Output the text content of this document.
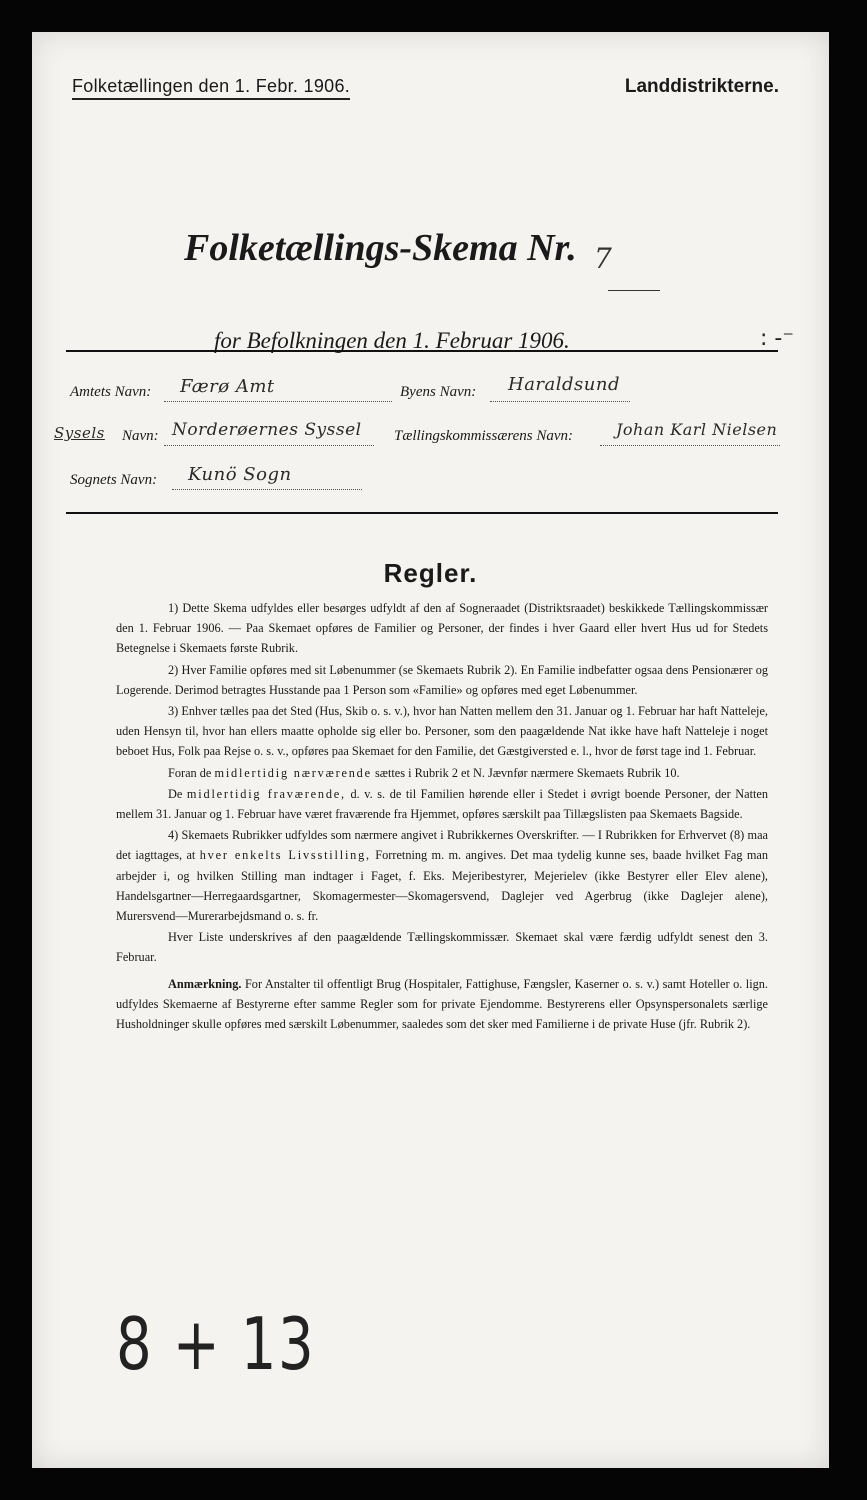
Folketællingen den 1. Febr. 1906.	Landdistrikterne.
Folketællings-Skema Nr. 7
for Befolkningen den 1. Februar 1906.	: -⁻
Amtets Navn: Færø Amt	Byens Navn: Haraldsund
Sysels Navn: Norderøernes Syssel Tællingskommissærens Navn:	Johan Karl Nielsen
Sognets Navn: Kunö Sogn
Regler.

1) Dette Skema udfyldes eller besørges udfyldt af den af Sogneraadet (Distriktsraadet) beskikkede Tællingskommissær den 1. Februar 1906. — Paa Skemaet opføres de Familier og Personer, der findes i hver Gaard eller hvert Hus ud for Stedets Betegnelse i Skemaets første Rubrik.

2) Hver Familie opføres med sit Løbenummer (se Skemaets Rubrik 2). En Familie indbefatter ogsaa dens Pensionærer og Logerende. Derimod betragtes Husstande paa 1 Person som «Familie» og opføres med eget Løbenummer.

3) Enhver tælles paa det Sted (Hus, Skib o. s. v.), hvor han Natten mellem den 31. Januar og 1. Februar har haft Natteleje, uden Hensyn til, hvor han ellers maatte opholde sig eller bo. Personer, som den paagældende Nat ikke have haft Natteleje i noget beboet Hus, Folk paa Rejse o. s. v., opføres paa Skemaet for den Familie, det Gæstgiversted e. l., hvor de først tage ind 1. Februar.

Foran de midlertidig nærværende sættes i Rubrik 2 et N. Jævnfør nærmere Skemaets Rubrik 10.

De midlertidig fraværende, d. v. s. de til Familien hørende eller i Stedet i øvrigt boende Personer, der Natten mellem 31. Januar og 1. Februar have været fraværende fra Hjemmet, opføres særskilt paa Tillægslisten paa Skemaets Bagside.

4) Skemaets Rubrikker udfyldes som nærmere angivet i Rubrikkernes Overskrifter. — I Rubrikken for Erhvervet (8) maa det iagttages, at hver enkelts Livsstilling, Forretning m. m. angives. Det maa tydelig kunne ses, baade hvilket Fag man arbejder i, og hvilken Stilling man indtager i Faget, f. Eks. Mejeribestyrer, Mejerielev (ikke Bestyrer eller Elev alene), Handelsgartner—Herregaardsgartner, Skomagermester—Skomagersvend, Daglejer ved Agerbrug (ikke Daglejer alene), Murersvend—Murerarbejdsmand o. s. fr.

Hver Liste underskrives af den paagældende Tællingskommissær. Skemaet skal være færdig udfyldt senest den 3. Februar.

Anmærkning. For Anstalter til offentligt Brug (Hospitaler, Fattighuse, Fængsler, Kaserner o. s. v.) samt Hoteller o. lign. udfyldes Skemaerne af Bestyrerne efter samme Regler som for private Ejendomme. Bestyrerens eller Opsynspersonalets særlige Husholdninger skulle opføres med særskilt Løbenummer, saaledes som det sker med Familierne i de private Huse (jfr. Rubrik 2).

8 + 13
